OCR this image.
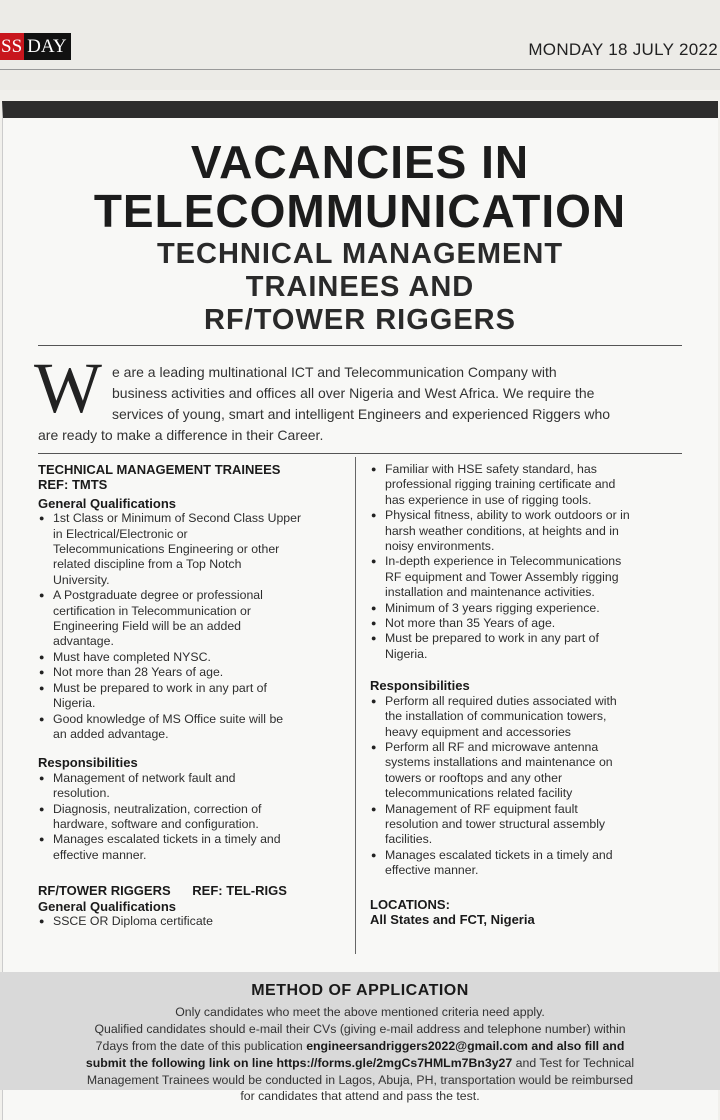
SS DAY	MONDAY 18 JULY 2022
VACANCIES IN
TELECOMMUNICATION
TECHNICAL MANAGEMENT
TRAINEES AND
RF/TOWER RIGGERS
W e are a leading multinational ICT and Telecommunication Company with
business activities and offices all over Nigeria and West Africa. We require the
services of young, smart and intelligent Engineers and experienced Riggers who
are ready to make a difference in their Career.
TECHNICAL MANAGEMENT TRAINEES
REF: TMTS
General Qualifications
● 1st Class or Minimum of Second Class Upper
in Electrical/Electronic or
Telecommunications Engineering or other
related discipline from a Top Notch
University.
● A Postgraduate degree or professional
certification in Telecommunication or
Engineering Field will be an added
advantage.
● Must have completed NYSC.
● Not more than 28 Years of age.
● Must be prepared to work in any part of
Nigeria.
● Good knowledge of MS Office suite will be
an added advantage.
Responsibilities
● Management of network fault and
resolution.
● Diagnosis, neutralization, correction of
hardware, software and configuration.
● Manages escalated tickets in a timely and
effective manner.
RF/TOWER RIGGERS REF: TEL-RIGS
General Qualifications
● SSCE OR Diploma certificate
● Familiar with HSE safety standard, has
professional rigging training certificate and
has experience in use of rigging tools.
● Physical fitness, ability to work outdoors or in
harsh weather conditions, at heights and in
noisy environments.
● In-depth experience in Telecommunications
RF equipment and Tower Assembly rigging
installation and maintenance activities.
● Minimum of 3 years rigging experience.
● Not more than 35 Years of age.
● Must be prepared to work in any part of
Nigeria.
Responsibilities
● Perform all required duties associated with
the installation of communication towers,
heavy equipment and accessories
● Perform all RF and microwave antenna
systems installations and maintenance on
towers or rooftops and any other
telecommunications related facility
● Management of RF equipment fault
resolution and tower structural assembly
facilities.
● Manages escalated tickets in a timely and
effective manner.
LOCATIONS:
All States and FCT, Nigeria
METHOD OF APPLICATION
Only candidates who meet the above mentioned criteria need apply.
Qualified candidates should e-mail their CVs (giving e-mail address and telephone number) within
7days from the date of this publication engineersandriggers2022@gmail.com and also fill and
submit the following link on line https://forms.gle/2mgCs7HMLm7Bn3y27 and Test for Technical
Management Trainees would be conducted in Lagos, Abuja, PH, transportation would be reimbursed
for candidates that attend and pass the test.
